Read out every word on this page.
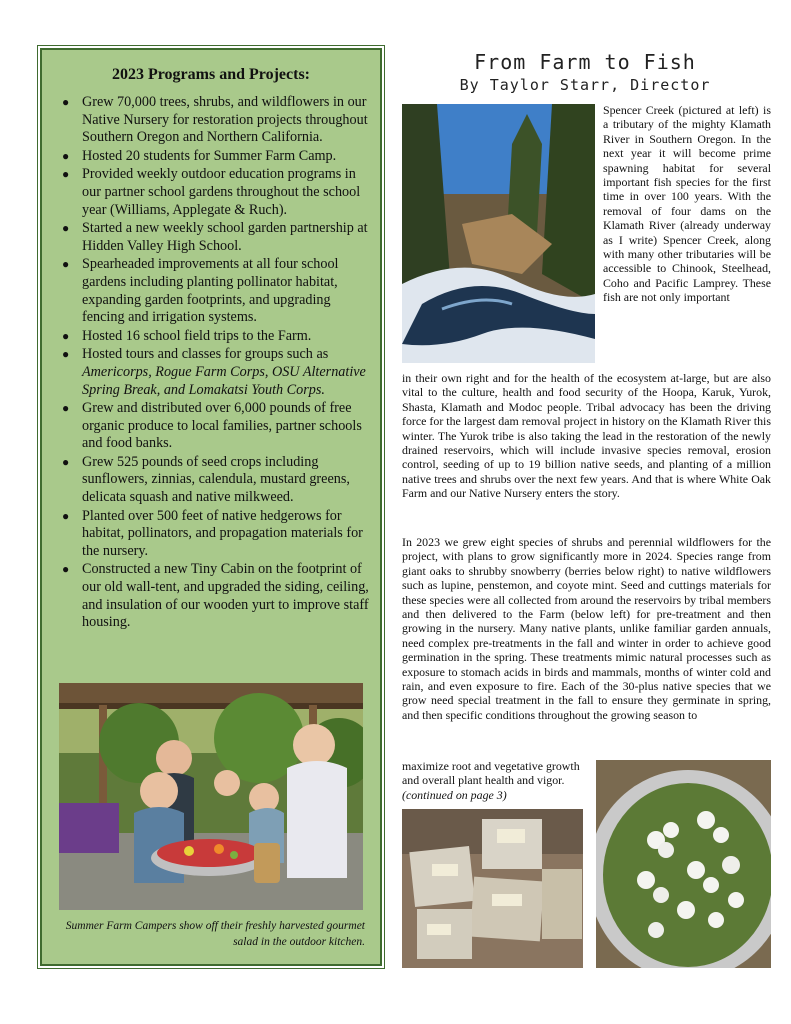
2023 Programs and Projects:
● Grew 70,000 trees, shrubs, and wildflowers in our Native Nursery for restoration projects throughout Southern Oregon and Northern California.
● Hosted 20 students for Summer Farm Camp.
● Provided weekly outdoor education programs in our partner school gardens throughout the school year (Williams, Applegate & Ruch).
● Started a new weekly school garden partnership at Hidden Valley High School.
● Spearheaded improvements at all four school gardens including planting pollinator habitat, expanding garden footprints, and upgrading fencing and irrigation systems.
● Hosted 16 school field trips to the Farm.
● Hosted tours and classes for groups such as Americorps, Rogue Farm Corps, OSU Alternative Spring Break, and Lomakatsi Youth Corps.
● Grew and distributed over 6,000 pounds of free organic produce to local families, partner schools and food banks.
● Grew 525 pounds of seed crops including sunflowers, zinnias, calendula, mustard greens, delicata squash and native milkweed.
● Planted over 500 feet of native hedgerows for habitat, pollinators, and propagation materials for the nursery.
● Constructed a new Tiny Cabin on the footprint of our old wall-tent, and upgraded the siding, ceiling, and insulation of our wooden yurt to improve staff housing.

Summer Farm Campers show off their freshly harvested gourmet salad in the outdoor kitchen.

From Farm to Fish

By Taylor Starr, Director

Spencer Creek (pictured at left) is a tributary of the mighty Klamath River in Southern Oregon. In the next year it will become prime spawning habitat for several important fish species for the first time in over 100 years. With the removal of four dams on the Klamath River (already underway as I write) Spencer Creek, along with many other tributaries will be accessible to Chinook, Steelhead, Coho and Pacific Lamprey. These fish are not only important

in their own right and for the health of the ecosystem at-large, but are also vital to the culture, health and food security of the Hoopa, Karuk, Yurok, Shasta, Klamath and Modoc people. Tribal advocacy has been the driving force for the largest dam removal project in history on the Klamath River this winter. The Yurok tribe is also taking the lead in the restoration of the newly drained reservoirs, which will include invasive species removal, erosion control, seeding of up to 19 billion native seeds, and planting of a million native trees and shrubs over the next few years. And that is where White Oak Farm and our Native Nursery enters the story.

In 2023 we grew eight species of shrubs and perennial wildflowers for the project, with plans to grow significantly more in 2024. Species range from giant oaks to shrubby snowberry (berries below right) to native wildflowers such as lupine, penstemon, and coyote mint. Seed and cuttings materials for these species were all collected from around the reservoirs by tribal members and then delivered to the Farm (below left) for pre-treatment and then growing in the nursery. Many native plants, unlike familiar garden annuals, need complex pre-treatments in the fall and winter in order to achieve good germination in the spring. These treatments mimic natural processes such as exposure to stomach acids in birds and mammals, months of winter cold and rain, and even exposure to fire. Each of the 30-plus native species that we grow need special treatment in the fall to ensure they germinate in spring, and then specific conditions throughout the growing season to

maximize root and vegetative growth and overall plant health and vigor. (continued on page 3)
